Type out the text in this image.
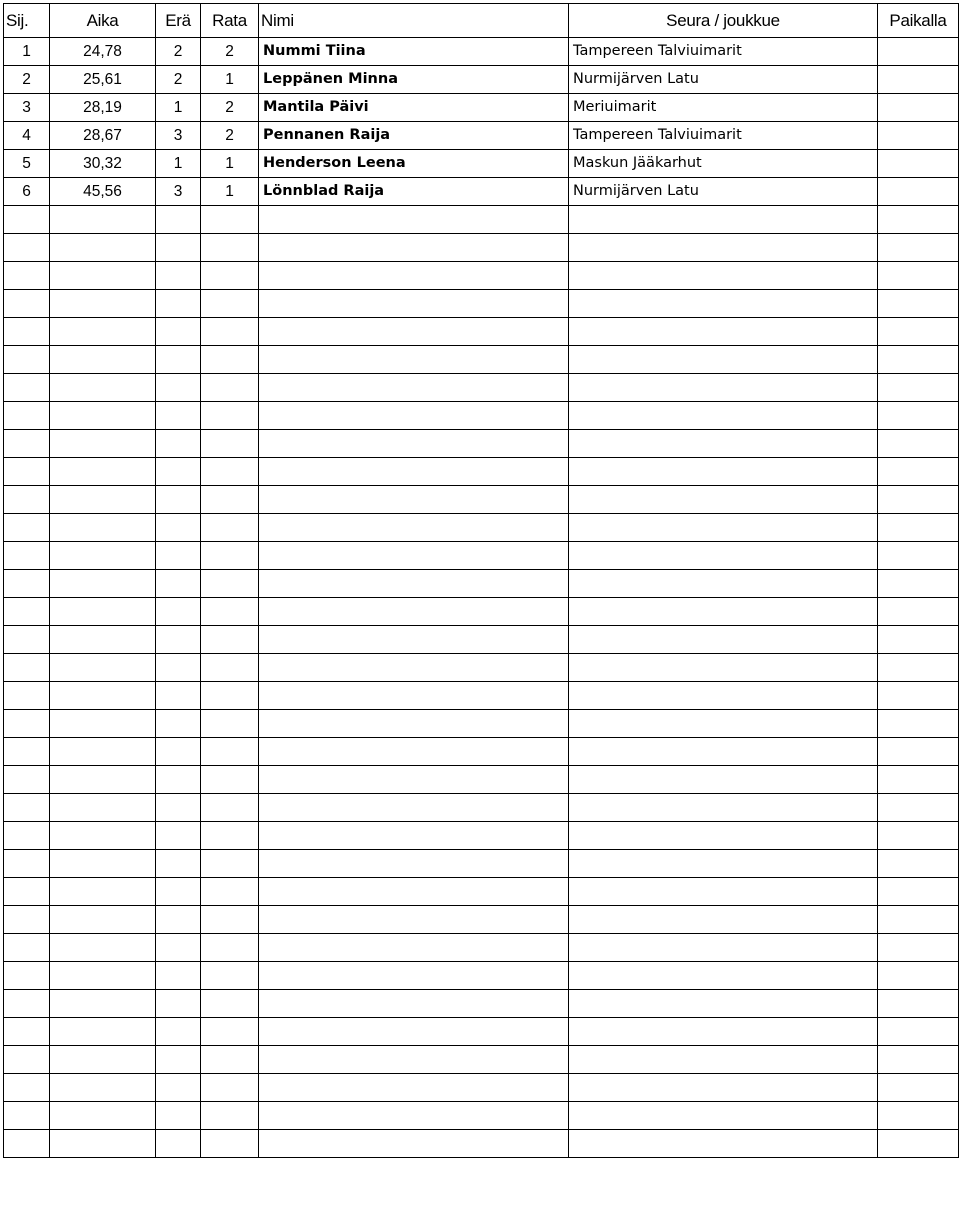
Sij.	Aika	Erä	Rata	Nimi	Seura / joukkue	Paikalla
1	24,78	2	2	Nummi Tiina	Tampereen Talviuimarit	
2	25,61	2	1	Leppänen Minna	Nurmijärven Latu	
3	28,19	1	2	Mantila Päivi	Meriuimarit	
4	28,67	3	2	Pennanen Raija	Tampereen Talviuimarit	
5	30,32	1	1	Henderson Leena	Maskun Jääkarhut	
6	45,56	3	1	Lönnblad Raija	Nurmijärven Latu	
